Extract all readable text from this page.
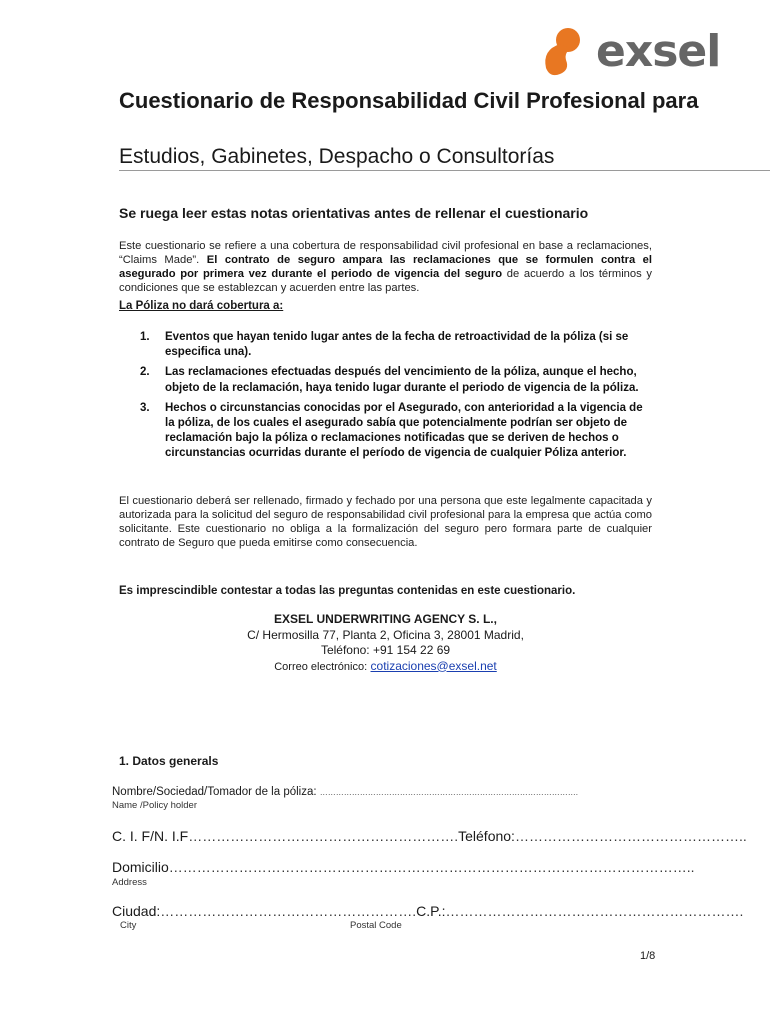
exsel
Cuestionario de Responsabilidad Civil Profesional para
Estudios, Gabinetes, Despacho o Consultorías
Se ruega leer estas notas orientativas antes de rellenar el cuestionario
Este cuestionario se refiere a una cobertura de responsabilidad civil profesional en base a reclamaciones, “Claims Made”. El contrato de seguro ampara las reclamaciones que se formulen contra el asegurado por primera vez durante el periodo de vigencia del seguro de acuerdo a los términos y condiciones que se establezcan y acuerden entre las partes.
La Póliza no dará cobertura a:
1. Eventos que hayan tenido lugar antes de la fecha de retroactividad de la póliza (si se especifica una).
2. Las reclamaciones efectuadas después del vencimiento de la póliza, aunque el hecho, objeto de la reclamación, haya tenido lugar durante el periodo de vigencia de la póliza.
3. Hechos o circunstancias conocidas por el Asegurado, con anterioridad a la vigencia de la póliza, de los cuales el asegurado sabía que potencialmente podrían ser objeto de reclamación bajo la póliza o reclamaciones notificadas que se deriven de hechos o circunstancias ocurridas durante el período de vigencia de cualquier Póliza anterior.
El cuestionario deberá ser rellenado, firmado y fechado por una persona que este legalmente capacitada y autorizada para la solicitud del seguro de responsabilidad civil profesional para la empresa que actúa como solicitante. Este cuestionario no obliga a la formalización del seguro pero formara parte de cualquier contrato de Seguro que pueda emitirse como consecuencia.
Es imprescindible contestar a todas las preguntas contenidas en este cuestionario.
EXSEL UNDERWRITING AGENCY S. L.,
C/ Hermosilla 77, Planta 2, Oficina 3, 28001 Madrid,
Teléfono: +91 154 22 69
Correo electrónico: cotizaciones@exsel.net
1. Datos generals
Nombre/Sociedad/Tomador de la póliza: …………………………………………………………………………………….
Name /Policy holder
C. I. F/N. I.F………………………………………………….Teléfono:…………………………………………..
Domicilio…………………………………………………………………………………………………..
Address
Ciudad:……………………………………………….C.P.:……………………………………………………….
City	Postal Code
1/8
